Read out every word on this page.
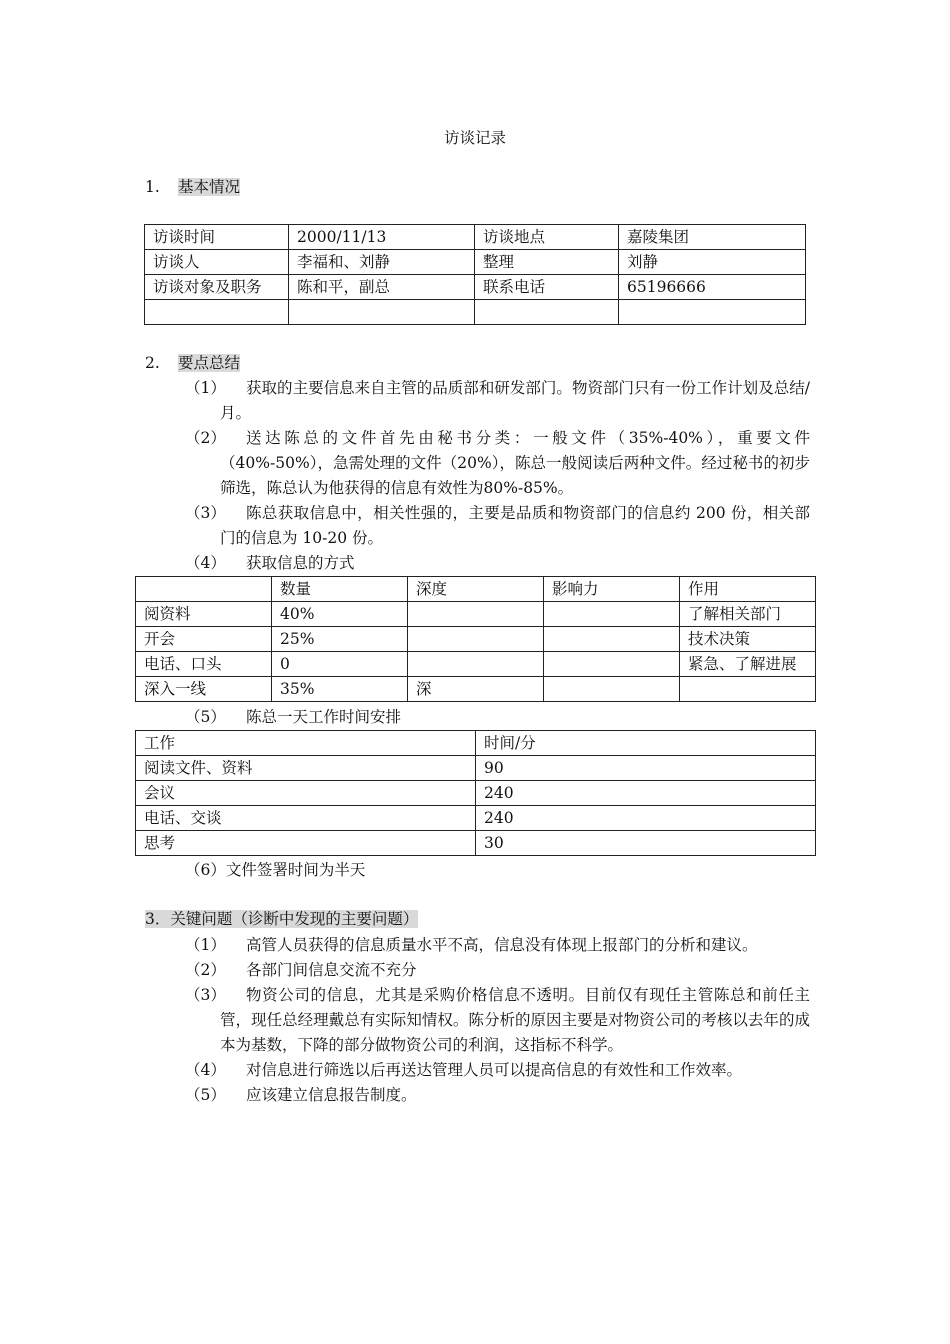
访谈记录
1. 基本情况
访谈时间	2000/11/13	访谈地点	嘉陵集团
访谈人	李福和、刘静	整理	刘静
访谈对象及职务	陈和平，副总	联系电话	65196666

2. 要点总结
（1）	获取的主要信息来自主管的品质部和研发部门。物资部门只有一份工作计划及总结/月。
（2）	送达陈总的文件首先由秘书分类：一般文件（35%-40%），重要文件（40%-50%），急需处理的文件（20%），陈总一般阅读后两种文件。经过秘书的初步筛选，陈总认为他获得的信息有效性为80%-85%。
（3）	陈总获取信息中，相关性强的，主要是品质和物资部门的信息约 200 份，相关部门的信息为 10-20 份。
（4） 获取信息的方式
	数量	深度	影响力	作用
阅资料	40%			了解相关部门
开会	25%			技术决策
电话、口头	0			紧急、了解进展
深入一线	35%	深		
（5） 陈总一天工作时间安排
工作	时间/分
阅读文件、资料	90
会议	240
电话、交谈	240
思考	30
（6）文件签署时间为半天
3．关键问题（诊断中发现的主要问题）
（1） 高管人员获得的信息质量水平不高，信息没有体现上报部门的分析和建议。
（2） 各部门间信息交流不充分
（3）	物资公司的信息，尤其是采购价格信息不透明。目前仅有现任主管陈总和前任主管，现任总经理戴总有实际知情权。陈分析的原因主要是对物资公司的考核以去年的成本为基数，下降的部分做物资公司的利润，这指标不科学。
（4） 对信息进行筛选以后再送达管理人员可以提高信息的有效性和工作效率。
（5） 应该建立信息报告制度。
